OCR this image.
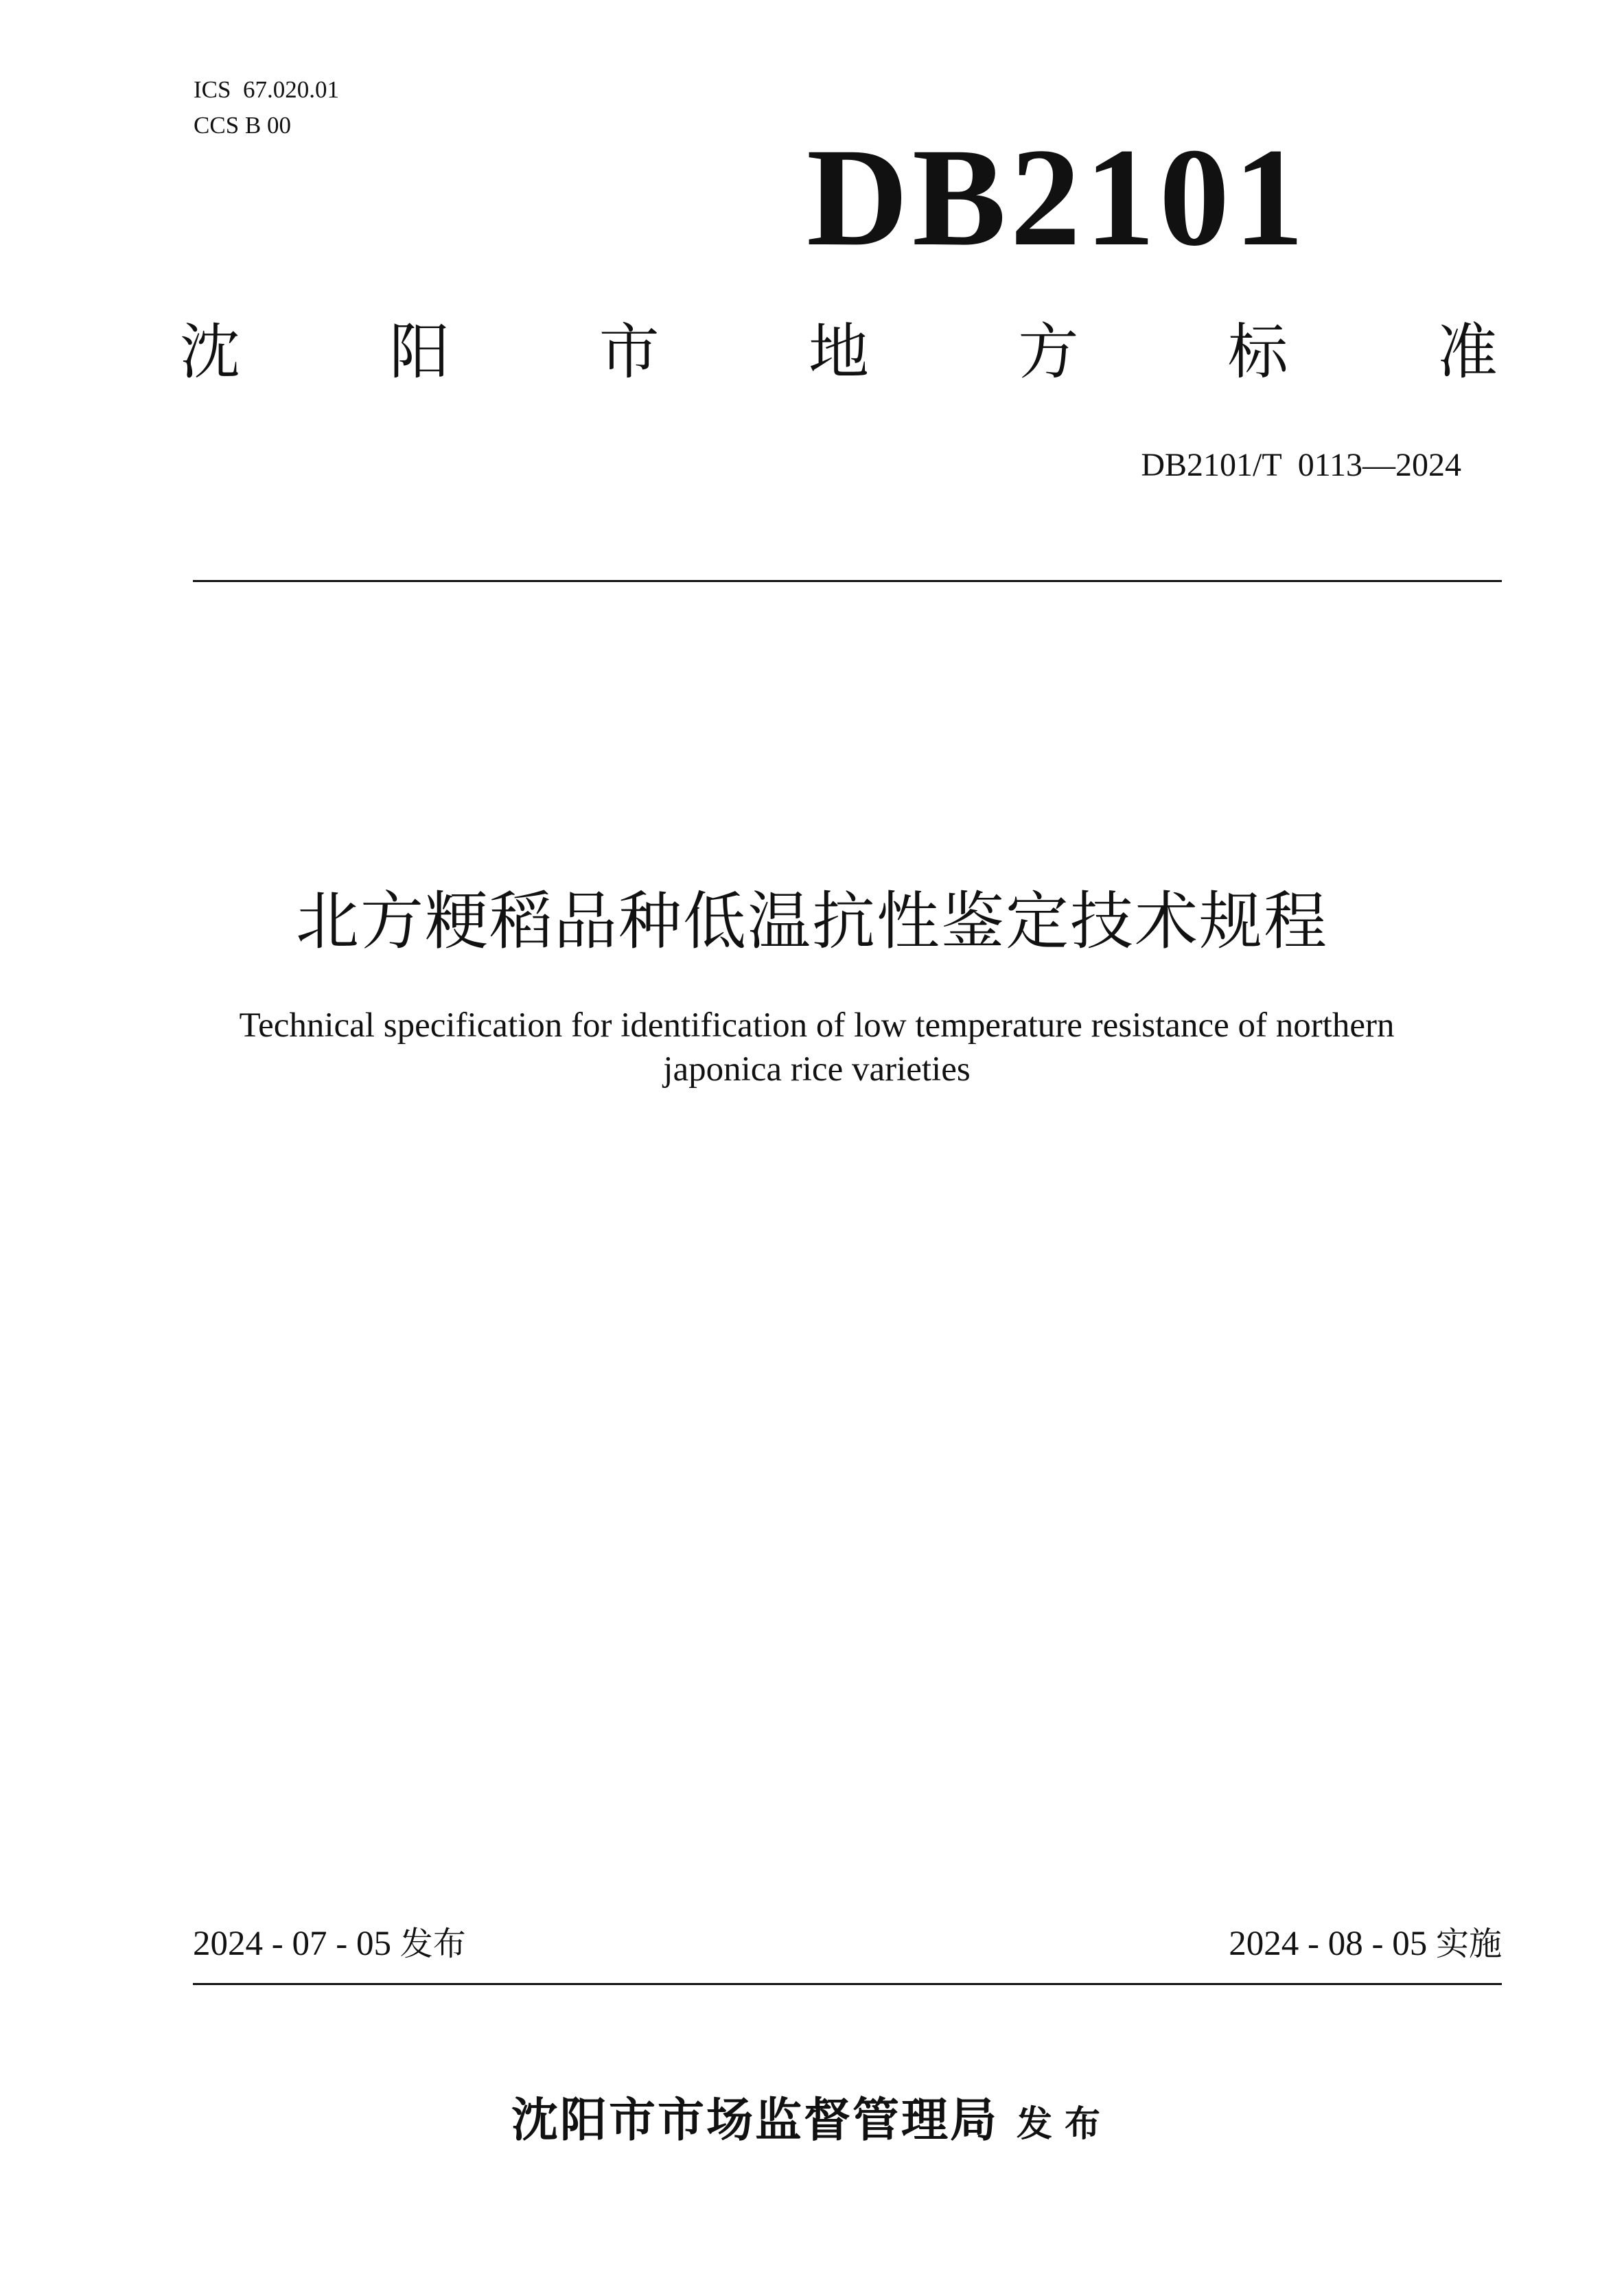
ICS  67.020.01
CCS B 00	DB2101
沈 阳 市 地 方 标 准
DB2101/T  0113—2024
北方粳稻品种低温抗性鉴定技术规程
Technical specification for identification of low temperature resistance of northern
japonica rice varieties
2024 - 07 - 05 发布	2024 - 08 - 05 实施
沈阳市市场监督管理局 发布
